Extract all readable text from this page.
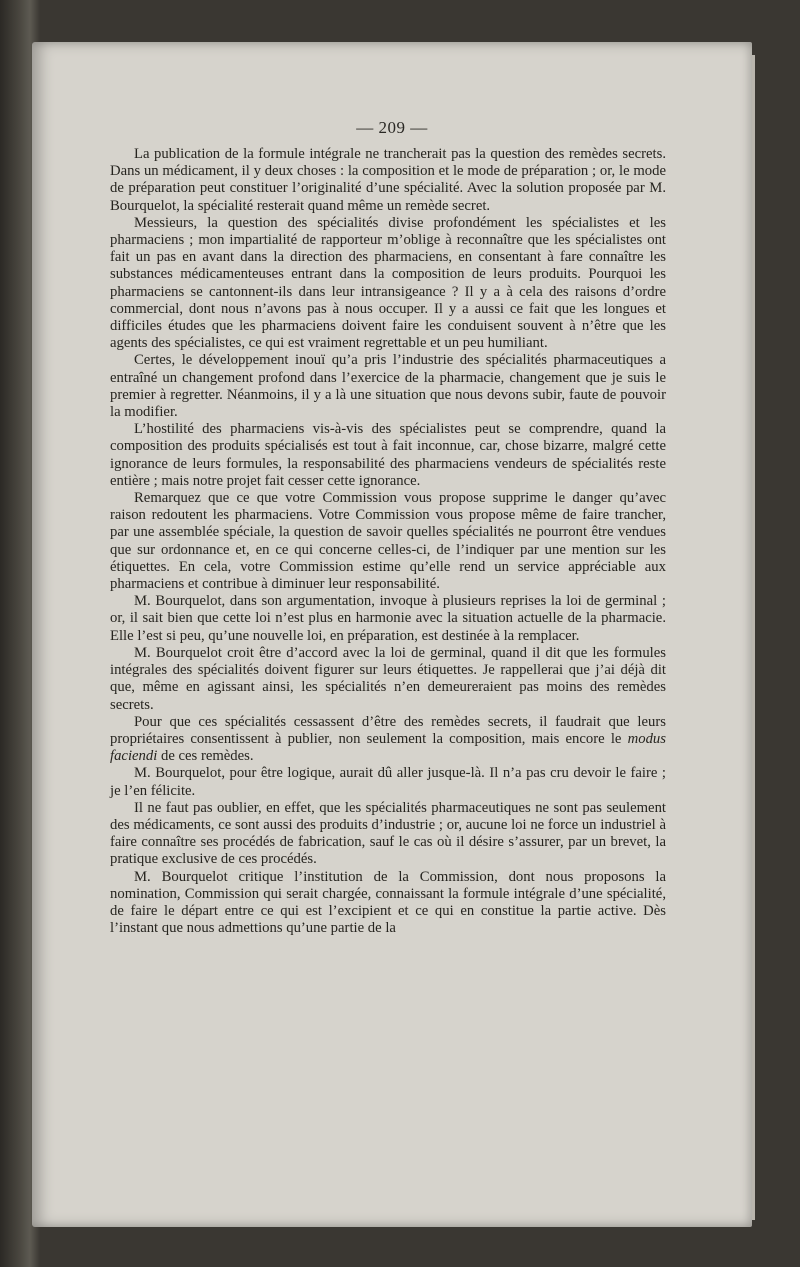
— 209 —

La publication de la formule intégrale ne trancherait pas la question des remèdes secrets. Dans un médicament, il y deux choses : la composition et le mode de préparation ; or, le mode de préparation peut constituer l’originalité d’une spécialité. Avec la solution proposée par M. Bourquelot, la spécialité resterait quand même un remède secret.

Messieurs, la question des spécialités divise profondément les spécialistes et les pharmaciens ; mon impartialité de rapporteur m’oblige à reconnaître que les spécialistes ont fait un pas en avant dans la direction des pharmaciens, en consentant à fare connaître les substances médicamenteuses entrant dans la composition de leurs produits. Pourquoi les pharmaciens se cantonnent-ils dans leur intransigeance ? Il y a à cela des raisons d’ordre commercial, dont nous n’avons pas à nous occuper. Il y a aussi ce fait que les longues et difficiles études que les pharmaciens doivent faire les conduisent souvent à n’être que les agents des spécialistes, ce qui est vraiment regrettable et un peu humiliant.

Certes, le développement inouï qu’a pris l’industrie des spécialités pharmaceutiques a entraîné un changement profond dans l’exercice de la pharmacie, changement que je suis le premier à regretter. Néanmoins, il y a là une situation que nous devons subir, faute de pouvoir la modifier.

L’hostilité des pharmaciens vis-à-vis des spécialistes peut se comprendre, quand la composition des produits spécialisés est tout à fait inconnue, car, chose bizarre, malgré cette ignorance de leurs formules, la responsabilité des pharmaciens vendeurs de spécialités reste entière ; mais notre projet fait cesser cette ignorance.

Remarquez que ce que votre Commission vous propose supprime le danger qu’avec raison redoutent les pharmaciens. Votre Commission vous propose même de faire trancher, par une assemblée spéciale, la question de savoir quelles spécialités ne pourront être vendues que sur ordonnance et, en ce qui concerne celles-ci, de l’indiquer par une mention sur les étiquettes. En cela, votre Commission estime qu’elle rend un service appréciable aux pharmaciens et contribue à diminuer leur responsabilité.

M. Bourquelot, dans son argumentation, invoque à plusieurs reprises la loi de germinal ; or, il sait bien que cette loi n’est plus en harmonie avec la situation actuelle de la pharmacie. Elle l’est si peu, qu’une nouvelle loi, en préparation, est destinée à la remplacer.

M. Bourquelot croit être d’accord avec la loi de germinal, quand il dit que les formules intégrales des spécialités doivent figurer sur leurs étiquettes. Je rappellerai que j’ai déjà dit que, même en agissant ainsi, les spécialités n’en demeureraient pas moins des remèdes secrets.

Pour que ces spécialités cessassent d’être des remèdes secrets, il faudrait que leurs propriétaires consentissent à publier, non seulement la composition, mais encore le modus faciendi de ces remèdes.

M. Bourquelot, pour être logique, aurait dû aller jusque-là. Il n’a pas cru devoir le faire ; je l’en félicite.

Il ne faut pas oublier, en effet, que les spécialités pharmaceutiques ne sont pas seulement des médicaments, ce sont aussi des produits d’industrie ; or, aucune loi ne force un industriel à faire connaître ses procédés de fabrication, sauf le cas où il désire s’assurer, par un brevet, la pratique exclusive de ces procédés.

M. Bourquelot critique l’institution de la Commission, dont nous proposons la nomination, Commission qui serait chargée, connaissant la formule intégrale d’une spécialité, de faire le départ entre ce qui est l’excipient et ce qui en constitue la partie active. Dès l’instant que nous admettions qu’une partie de la
